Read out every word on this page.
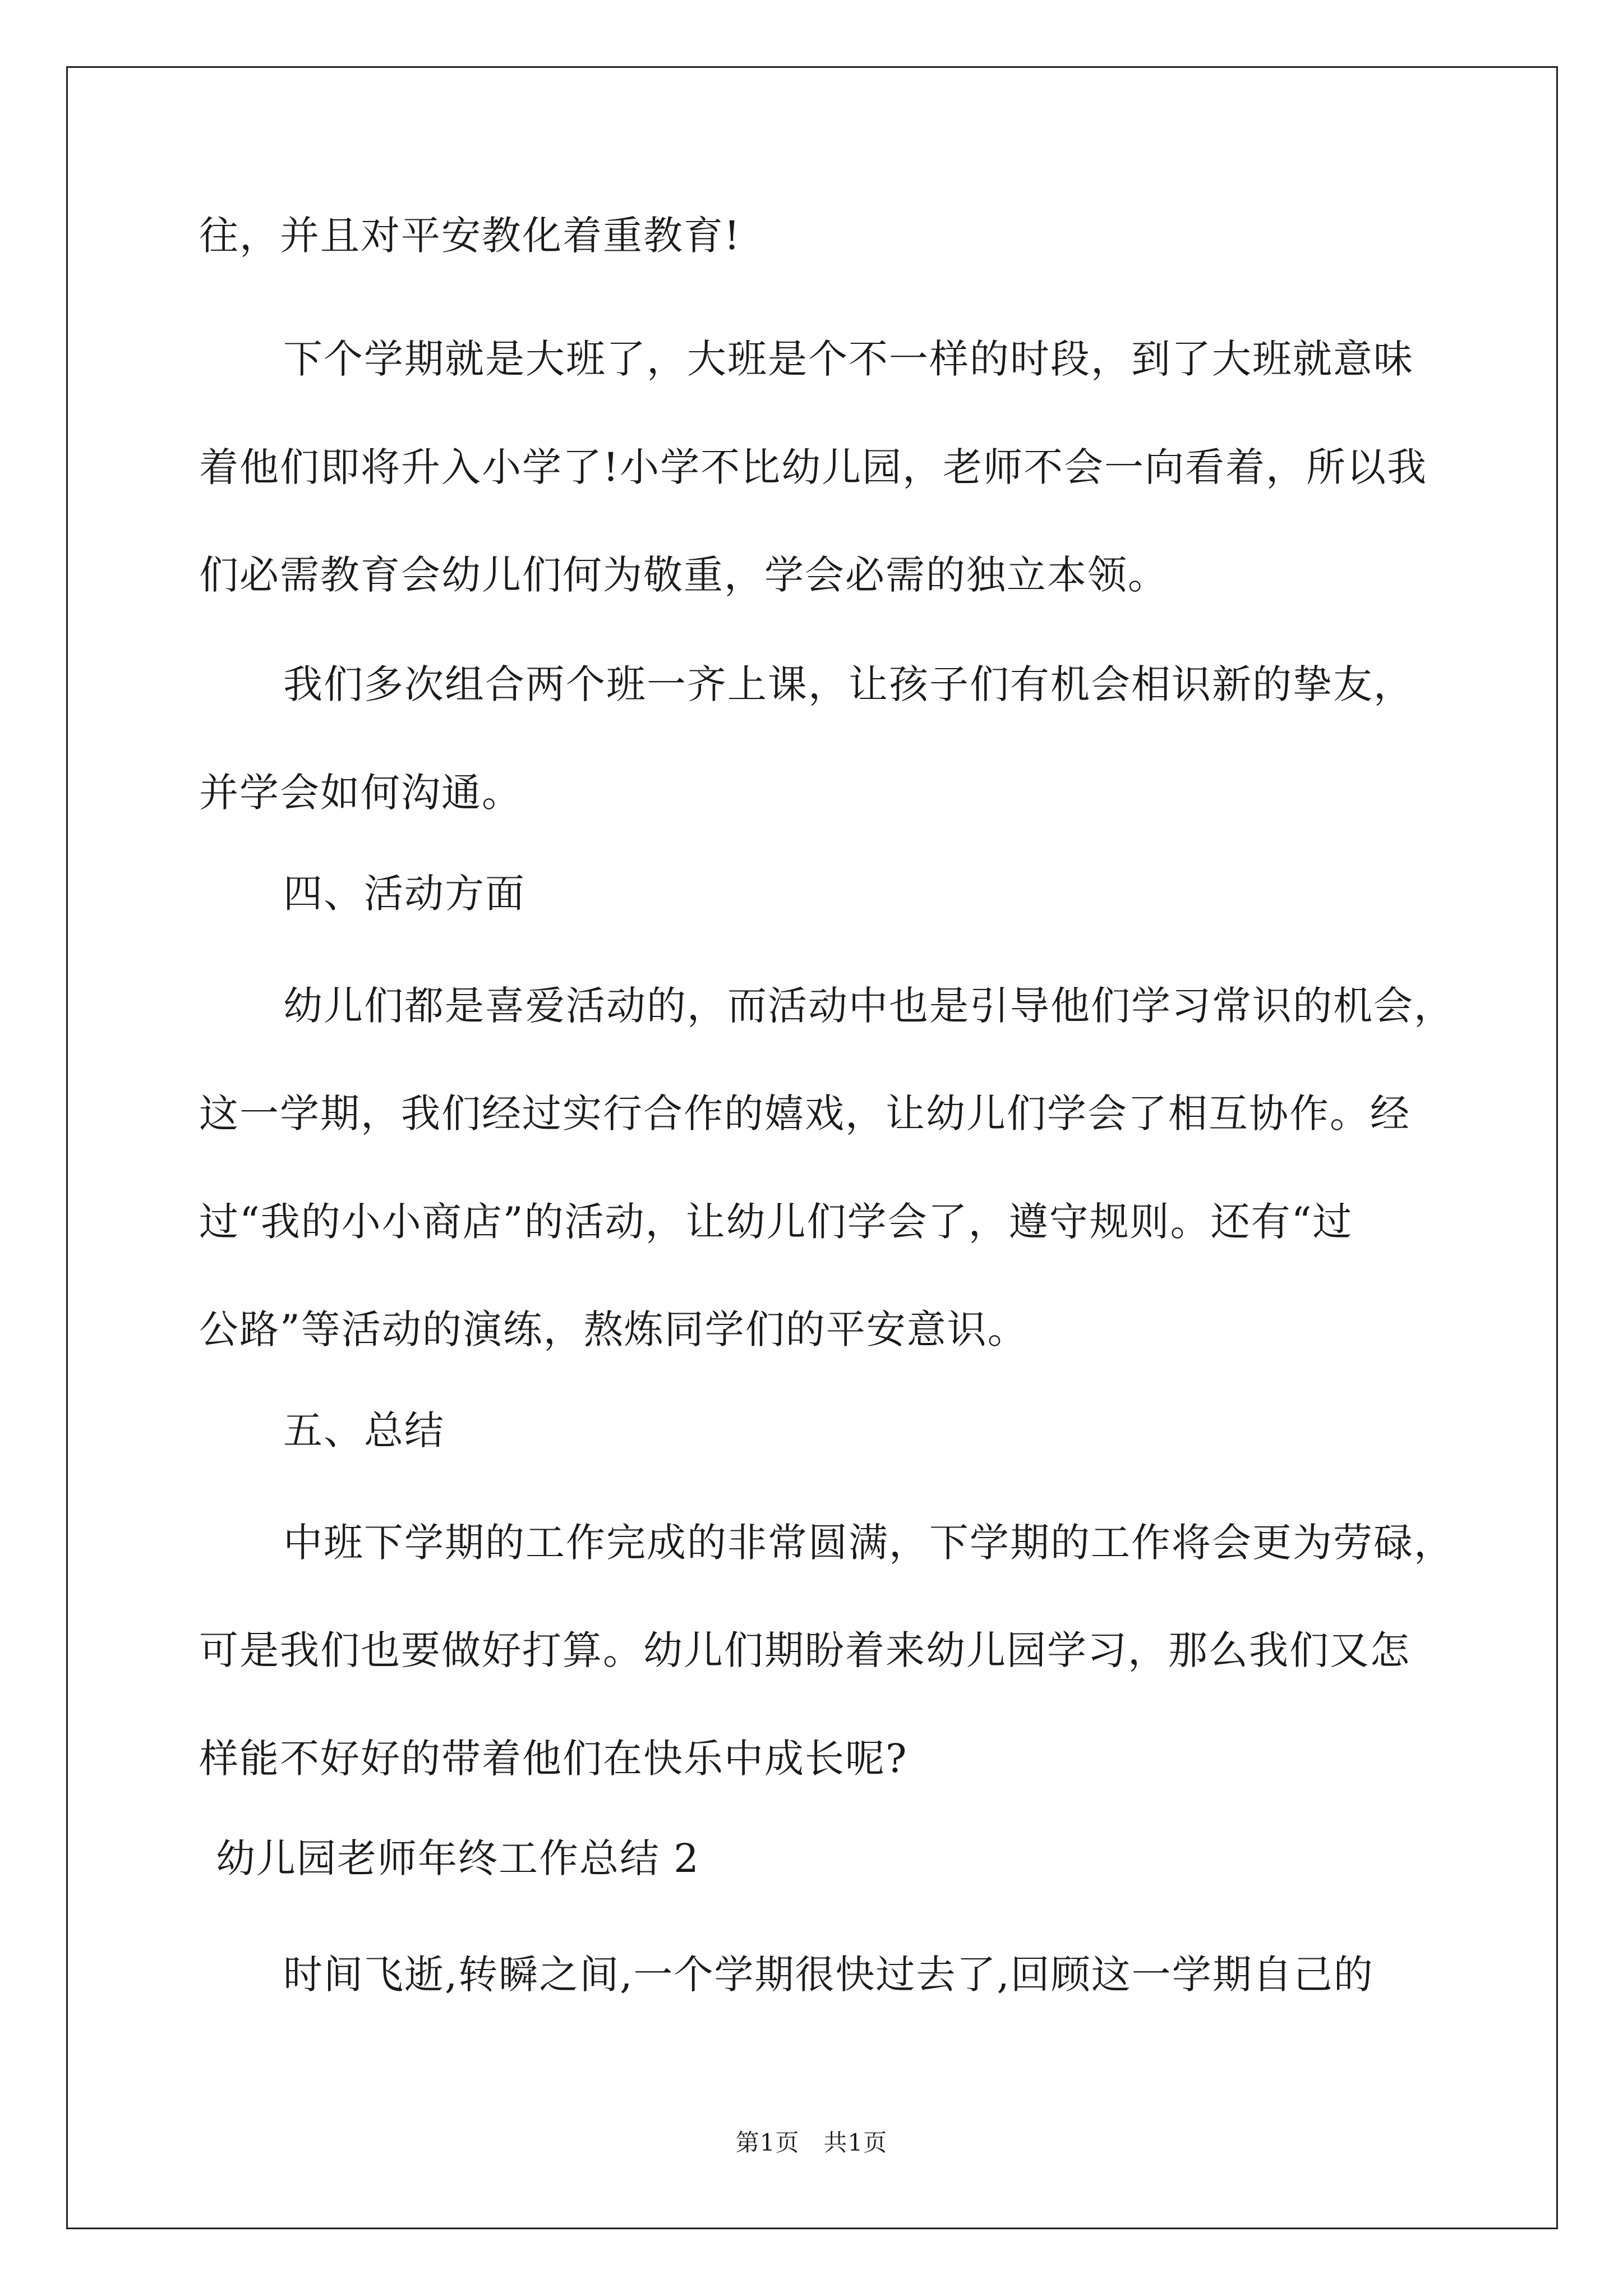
往，并且对平安教化着重教育!
下个学期就是大班了，大班是个不一样的时段，到了大班就意味
着他们即将升入小学了!小学不比幼儿园，老师不会一向看着，所以我
们必需教育会幼儿们何为敬重，学会必需的独立本领。
我们多次组合两个班一齐上课，让孩子们有机会相识新的挚友，
并学会如何沟通。
四、活动方面
幼儿们都是喜爱活动的，而活动中也是引导他们学习常识的机会，
这一学期，我们经过实行合作的嬉戏，让幼儿们学会了相互协作。经
过“我的小小商店”的活动，让幼儿们学会了，遵守规则。还有“过
公路”等活动的演练，熬炼同学们的平安意识。
五、总结
中班下学期的工作完成的非常圆满，下学期的工作将会更为劳碌，
可是我们也要做好打算。幼儿们期盼着来幼儿园学习，那么我们又怎
样能不好好的带着他们在快乐中成长呢?
幼儿园老师年终工作总结 2
时间飞逝,转瞬之间,一个学期很快过去了,回顾这一学期自己的
第1页　共1页
